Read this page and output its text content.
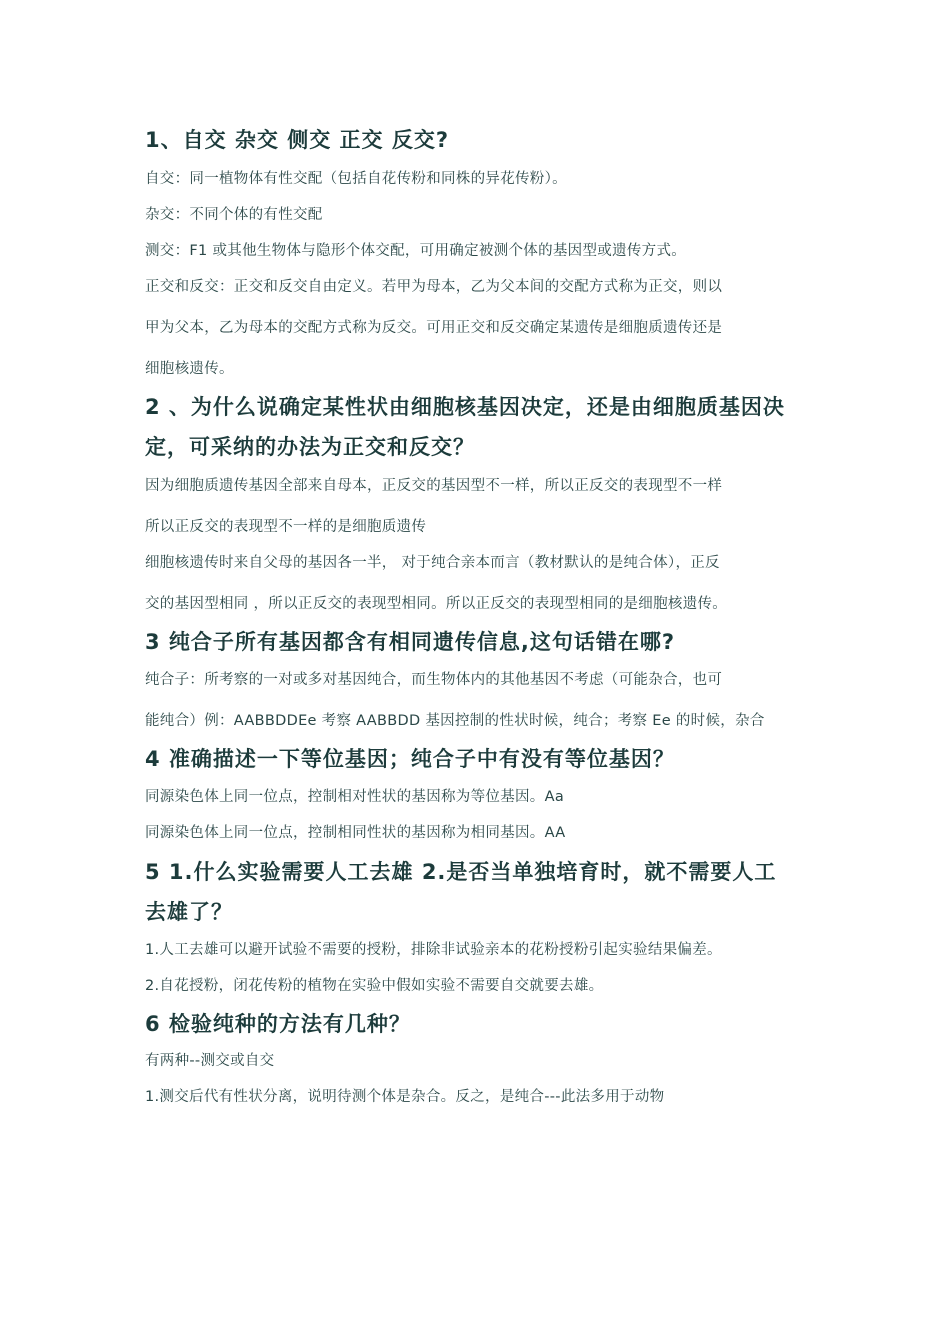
1、自交 杂交 侧交 正交 反交?
自交：同一植物体有性交配（包括自花传粉和同株的异花传粉）。
杂交：不同个体的有性交配
测交：F1 或其他生物体与隐形个体交配，可用确定被测个体的基因型或遗传方式。
正交和反交：正交和反交自由定义。若甲为母本，乙为父本间的交配方式称为正交，则以
甲为父本，乙为母本的交配方式称为反交。可用正交和反交确定某遗传是细胞质遗传还是
细胞核遗传。
2 、为什么说确定某性状由细胞核基因决定，还是由细胞质基因决
定，可采纳的办法为正交和反交？
因为细胞质遗传基因全部来自母本，正反交的基因型不一样，所以正反交的表现型不一样
所以正反交的表现型不一样的是细胞质遗传
细胞核遗传时来自父母的基因各一半， 对于纯合亲本而言（教材默认的是纯合体），正反
交的基因型相同 ，所以正反交的表现型相同。所以正反交的表现型相同的是细胞核遗传。
3 纯合子所有基因都含有相同遗传信息,这句话错在哪?
纯合子：所考察的一对或多对基因纯合，而生物体内的其他基因不考虑（可能杂合，也可
能纯合）例：AABBDDEe 考察 AABBDD 基因控制的性状时候，纯合；考察 Ee 的时候，杂合
4 准确描述一下等位基因；纯合子中有没有等位基因？
同源染色体上同一位点，控制相对性状的基因称为等位基因。Aa
同源染色体上同一位点，控制相同性状的基因称为相同基因。AA
5 1.什么实验需要人工去雄 2.是否当单独培育时，就不需要人工
去雄了？
1.人工去雄可以避开试验不需要的授粉，排除非试验亲本的花粉授粉引起实验结果偏差。
2.自花授粉，闭花传粉的植物在实验中假如实验不需要自交就要去雄。
6 检验纯种的方法有几种？
有两种--测交或自交
1.测交后代有性状分离，说明待测个体是杂合。反之，是纯合---此法多用于动物
